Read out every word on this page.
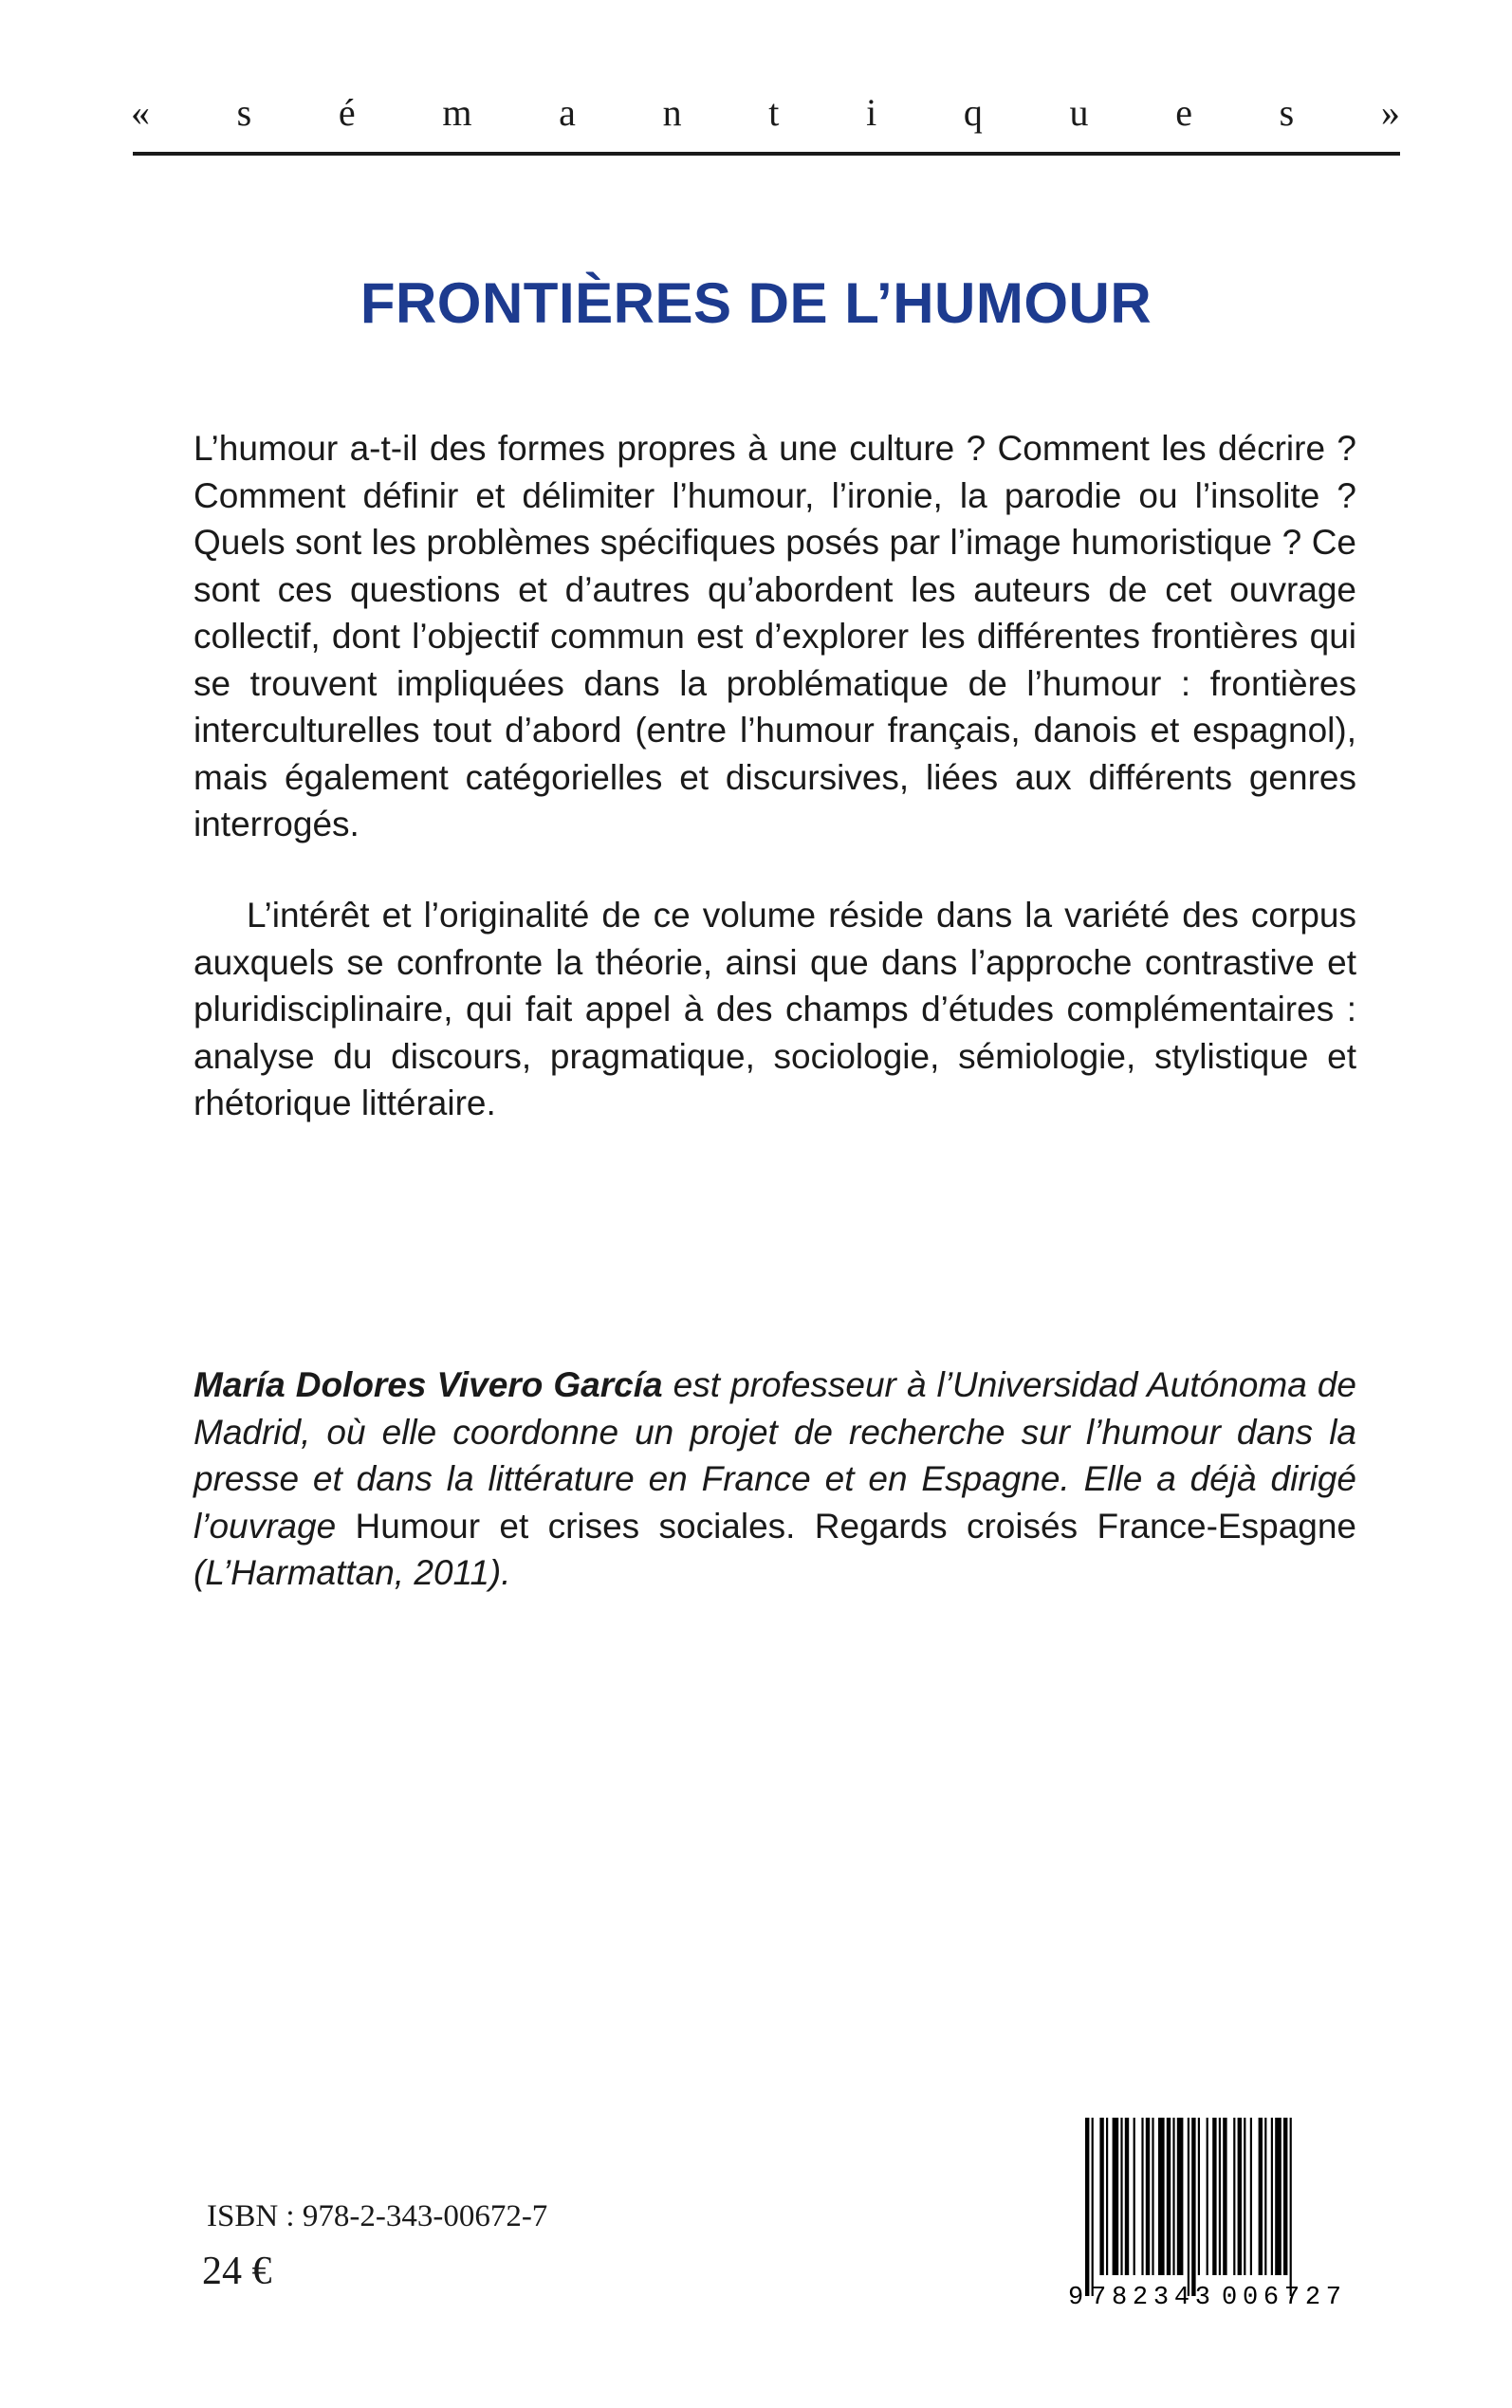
« s é m a n t i q u e s »
FRONTIÈRES DE L’HUMOUR
L’humour a-t-il des formes propres à une culture ? Comment les décrire ? Comment définir et délimiter l’humour, l’ironie, la parodie ou l’insolite ? Quels sont les problèmes spécifiques posés par l’image humoristique ? Ce sont ces questions et d’autres qu’abordent les auteurs de cet ouvrage collectif, dont l’objectif commun est d’explorer les différentes frontières qui se trouvent impliquées dans la problématique de l’humour : frontières interculturelles tout d’abord (entre l’humour français, danois et espagnol), mais également catégorielles et discursives, liées aux différents genres interrogés.
L’intérêt et l’originalité de ce volume réside dans la variété des corpus auxquels se confronte la théorie, ainsi que dans l’approche contrastive et pluridisciplinaire, qui fait appel à des champs d’études complémentaires : analyse du discours, pragmatique, sociologie, sémiologie, stylistique et rhétorique littéraire.
María Dolores Vivero García est professeur à l’Universidad Autónoma de Madrid, où elle coordonne un projet de recherche sur l’humour dans la presse et dans la littérature en France et en Espagne. Elle a déjà dirigé l’ouvrage Humour et crises sociales. Regards croisés France-Espagne (L’Harmattan, 2011).
ISBN : 978-2-343-00672-7
24 €
9 782343 006727
